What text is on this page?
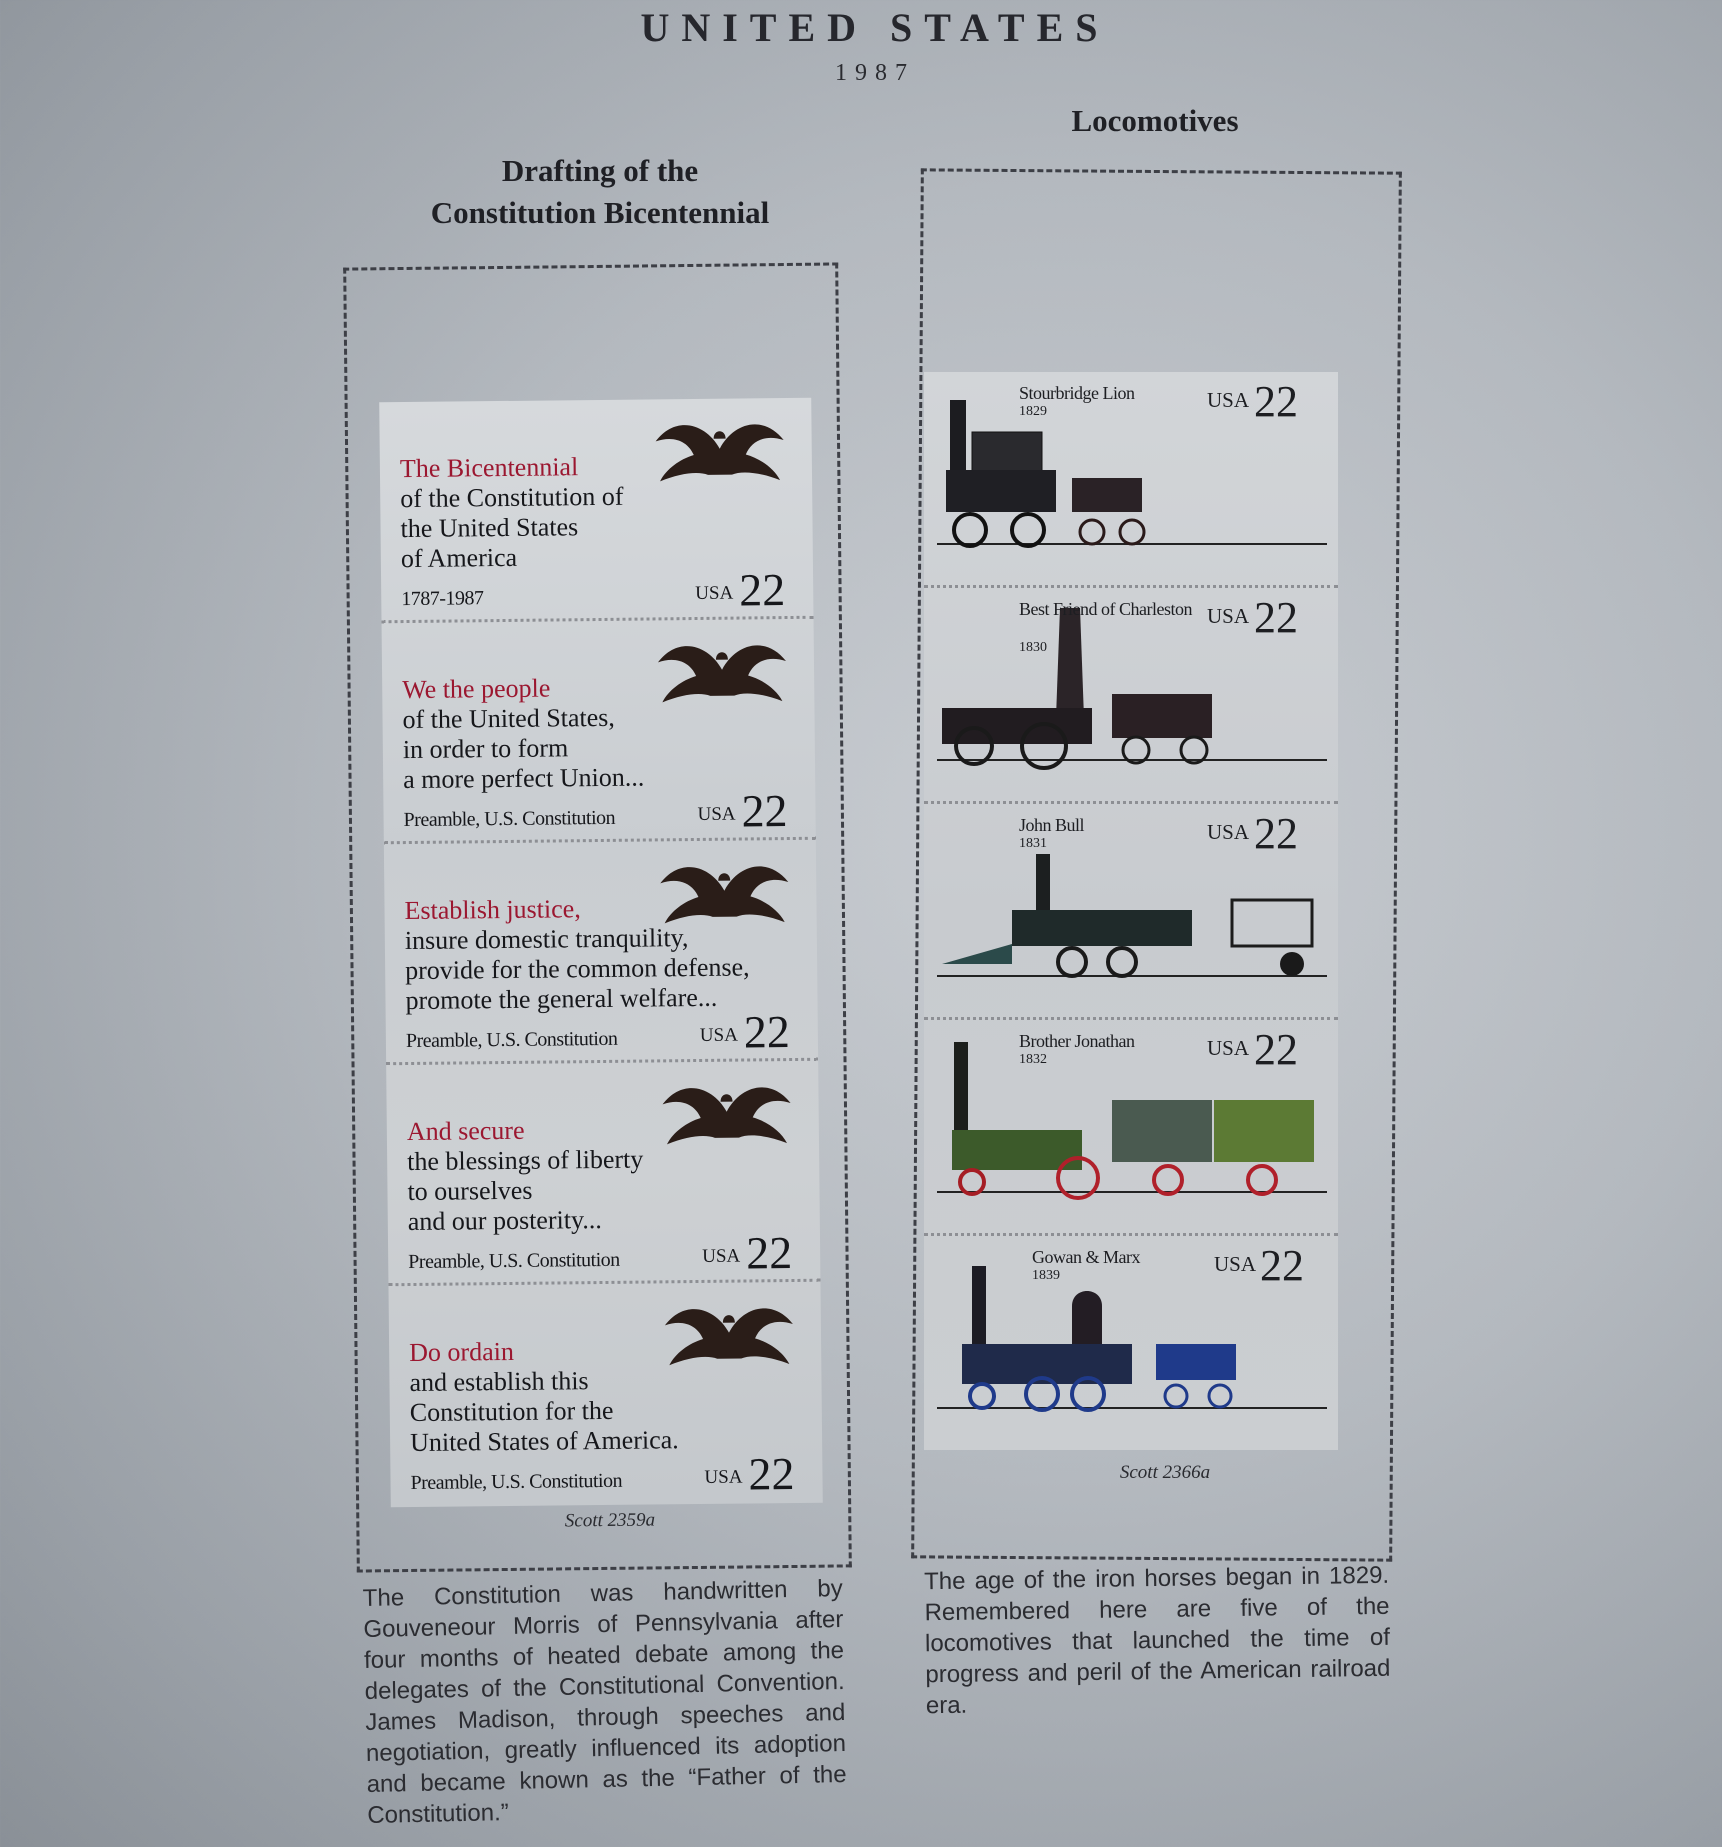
UNITED STATES
1987
Drafting of the
Constitution Bicentennial
Locomotives
The Bicentennial
of the Constitution of
the United States
of America
1787-1987	USA 22
We the people
of the United States,
in order to form
a more perfect Union...
Preamble, U.S. Constitution	USA 22
Establish justice,
insure domestic tranquility,
provide for the common defense,
promote the general welfare...
Preamble, U.S. Constitution	USA 22
And secure
the blessings of liberty
to ourselves
and our posterity...
Preamble, U.S. Constitution	USA 22
Do ordain
and establish this
Constitution for the
United States of America.
Preamble, U.S. Constitution	USA 22
Scott 2359a
Stourbridge Lion
1829	USA 22
Best Friend of Charleston
1830
USA 22
John Bull
1831	USA 22
Brother Jonathan
1832	USA 22
Gowan & Marx
1839	USA 22
Scott 2366a
The Constitution was handwritten by Gouveneour Morris of Pennsylvania after four months of heated debate among the delegates of the Constitutional Convention. James Madison, through speeches and negotiation, greatly influenced its adoption and became known as the “Father of the Constitution.”
The age of the iron horses began in 1829. Remembered here are five of the locomotives that launched the time of progress and peril of the American railroad era.
